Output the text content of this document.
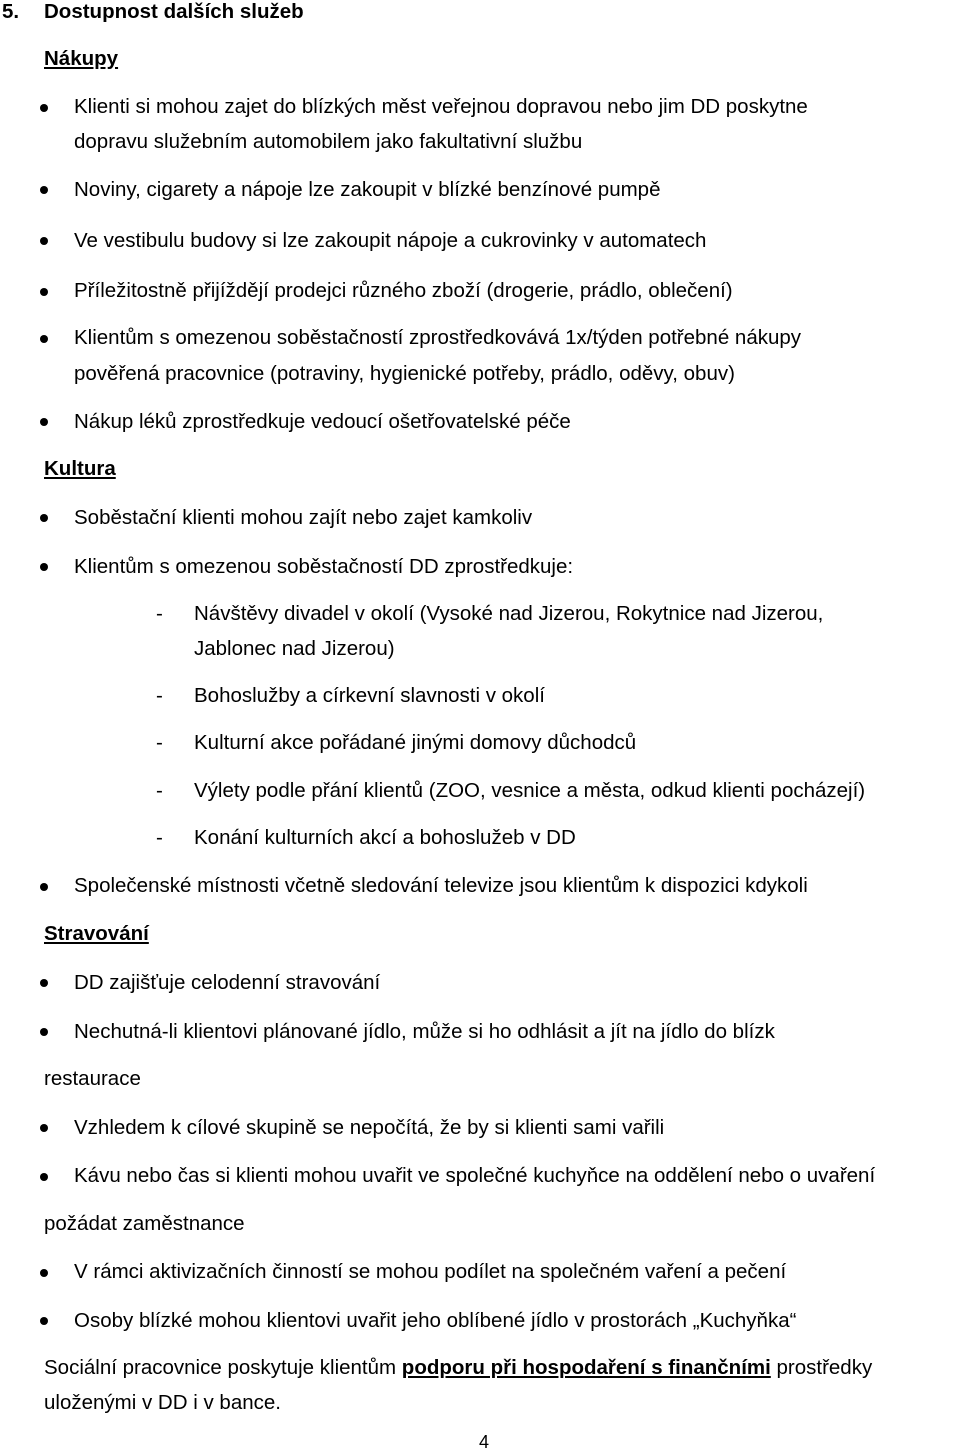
5. Dostupnost dalších služeb
Nákupy
Klienti si mohou zajet do blízkých měst veřejnou dopravou nebo jim DD poskytne
dopravu služebním automobilem jako fakultativní službu
Noviny, cigarety a nápoje lze zakoupit v blízké benzínové pumpě
Ve vestibulu budovy si lze zakoupit nápoje a cukrovinky v automatech
Příležitostně přijíždějí prodejci různého zboží (drogerie, prádlo, oblečení)
Klientům s omezenou soběstačností zprostředkovává 1x/týden potřebné nákupy
pověřená pracovnice (potraviny, hygienické potřeby, prádlo, oděvy, obuv)
Nákup léků zprostředkuje vedoucí ošetřovatelské péče
Kultura
Soběstační klienti mohou zajít nebo zajet kamkoliv
Klientům s omezenou soběstačností DD zprostředkuje:
- Návštěvy divadel v okolí (Vysoké nad Jizerou, Rokytnice nad Jizerou,
Jablonec nad Jizerou)
- Bohoslužby a církevní slavnosti v okolí
- Kulturní akce pořádané jinými domovy důchodců
- Výlety podle přání klientů (ZOO, vesnice a města, odkud klienti pocházejí)
- Konání kulturních akcí a bohoslužeb v DD
Společenské místnosti včetně sledování televize jsou klientům k dispozici kdykoli
Stravování
DD zajišťuje celodenní stravování
Nechutná-li klientovi plánované jídlo, může si ho odhlásit a jít na jídlo do blízk
restaurace
Vzhledem k cílové skupině se nepočítá, že by si klienti sami vařili
Kávu nebo čas si klienti mohou uvařit ve společné kuchyňce na oddělení nebo o uvaření
požádat zaměstnance
V rámci aktivizačních činností se mohou podílet na společném vaření a pečení
Osoby blízké mohou klientovi uvařit jeho oblíbené jídlo v prostorách „Kuchyňka“
Sociální pracovnice poskytuje klientům podporu při hospodaření s finančními prostředky
uloženými v DD i v bance.
4
